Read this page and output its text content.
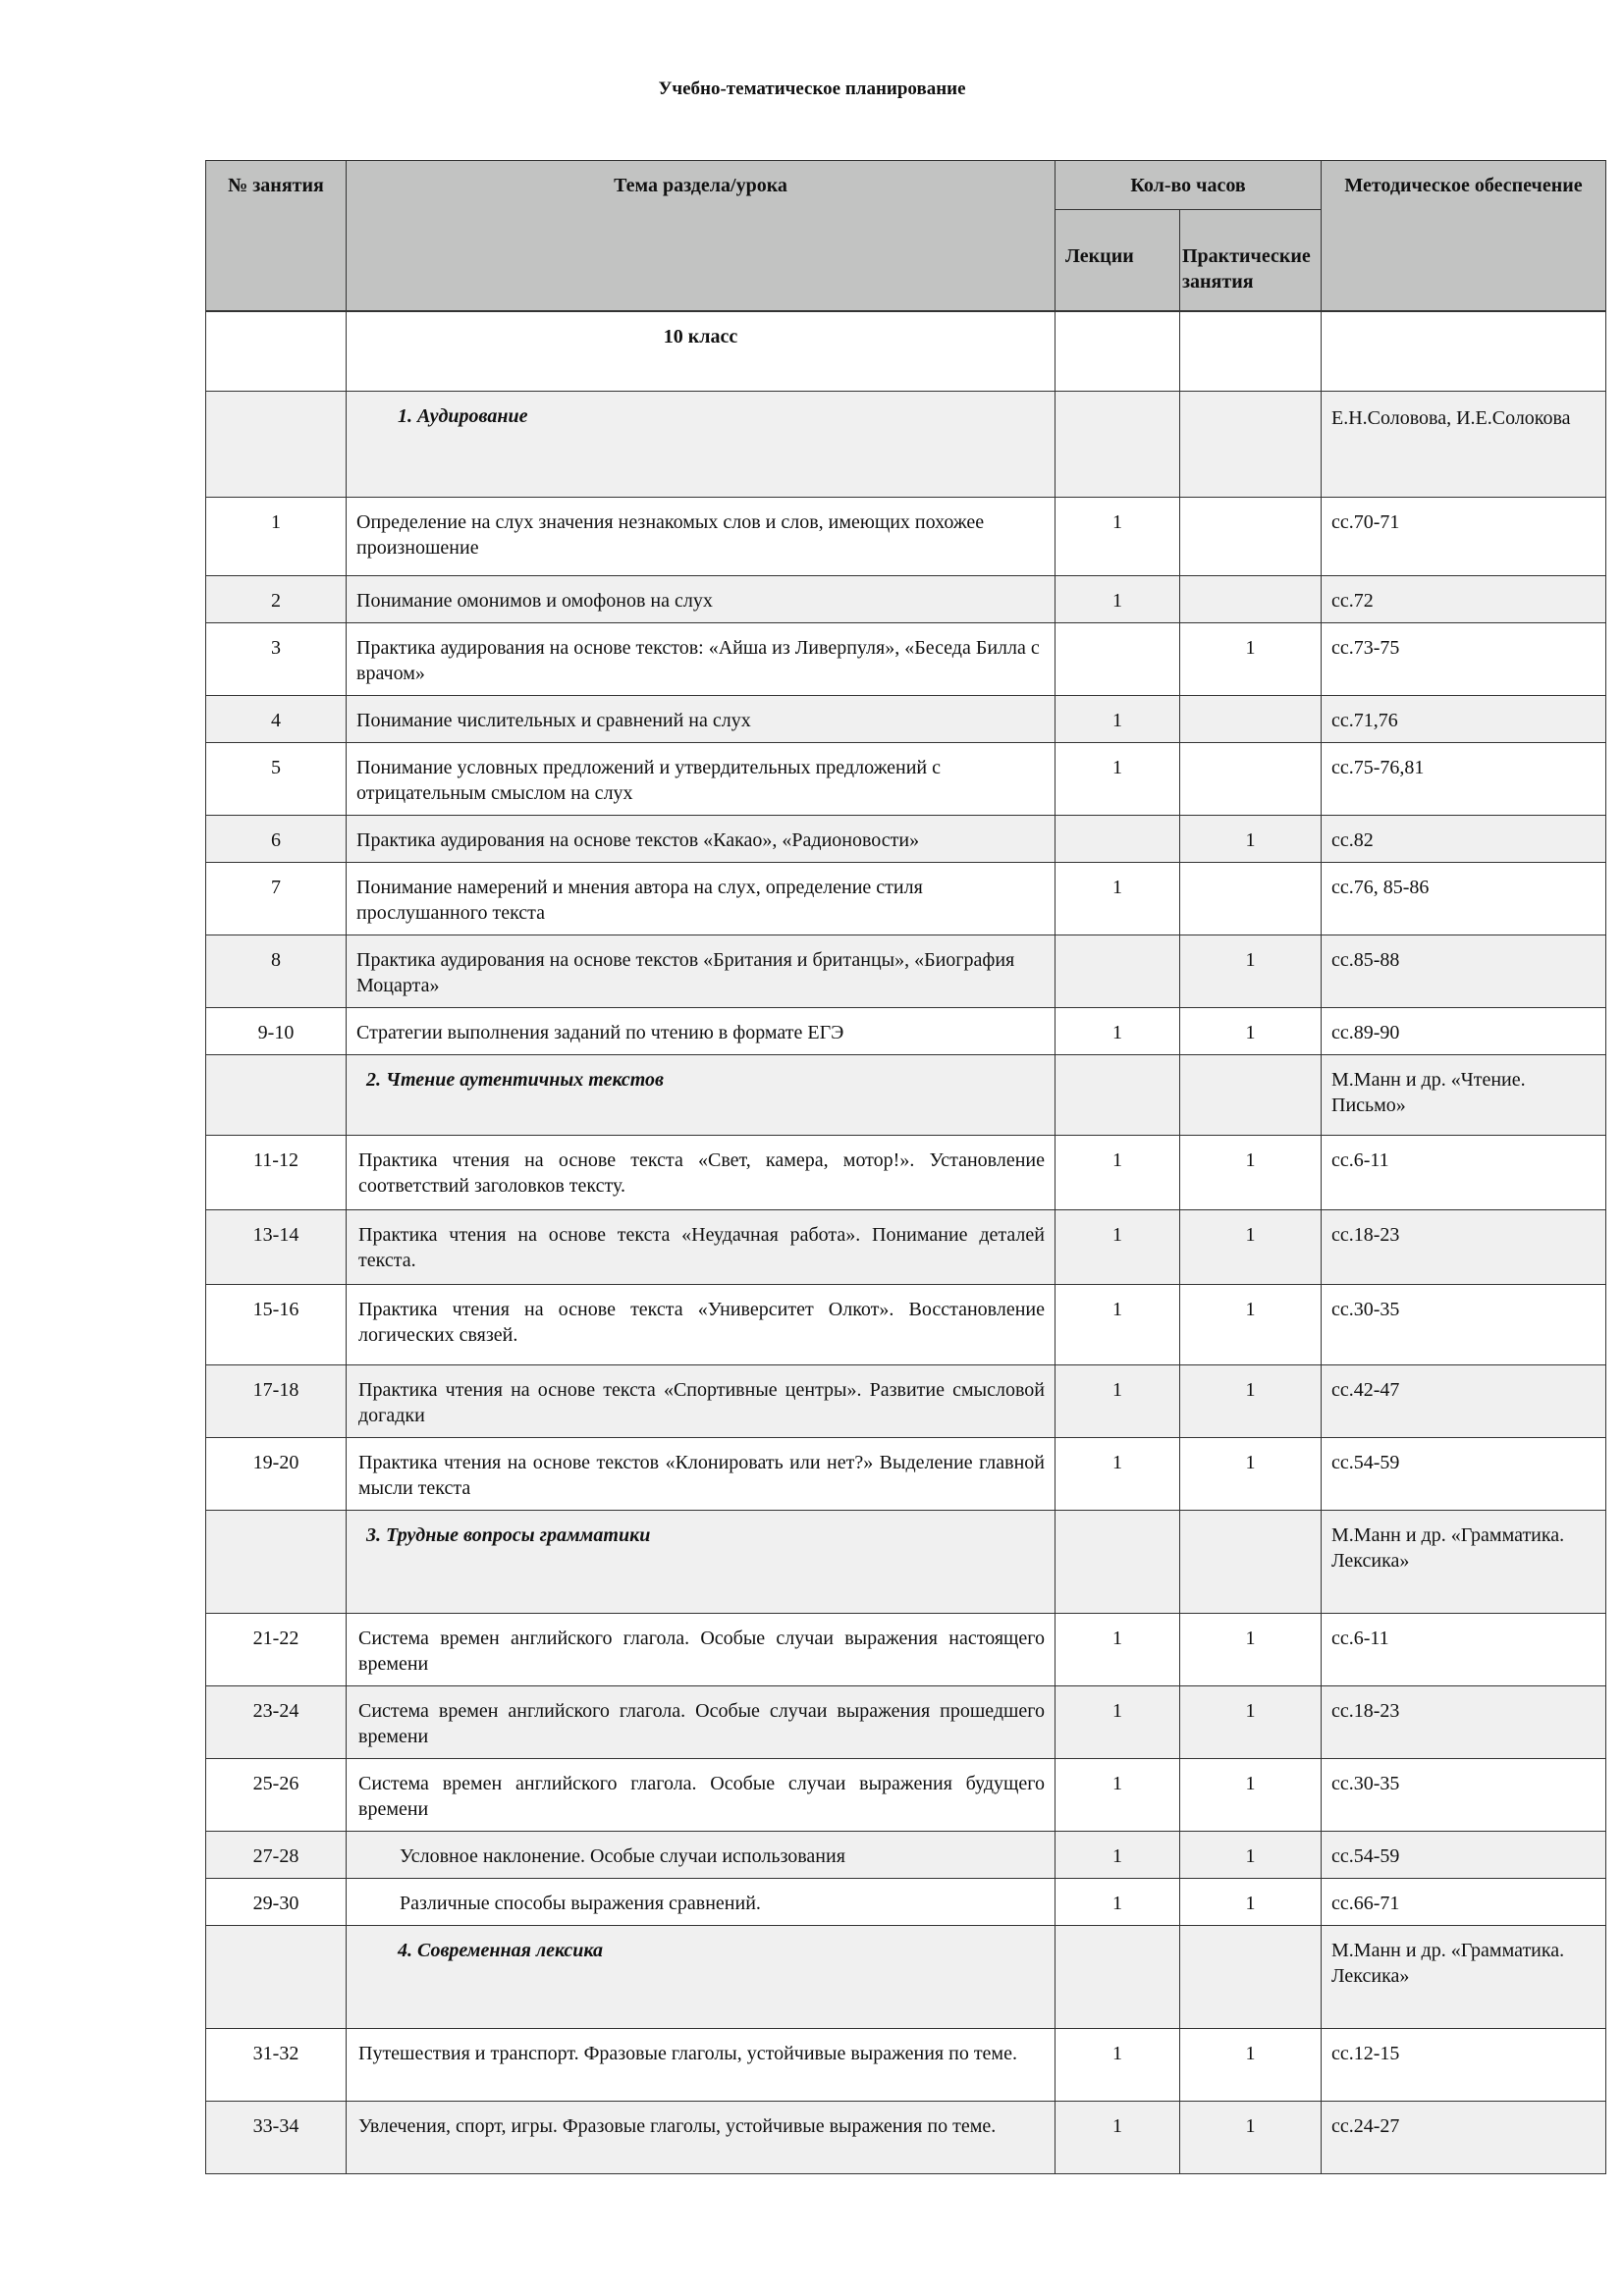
Учебно-тематическое планирование
№ занятия	Тема раздела/урока	Кол-во часов		Методическое обеспечение
		Лекции	Практические занятия	
	10 класс			
	1. Аудирование			Е.Н.Соловова, И.Е.Солокова
1	Определение на слух значения незнакомых слов и слов, имеющих похожее произношение	1		сс.70-71
2	Понимание омонимов и омофонов на слух	1		сс.72
3	Практика аудирования на основе текстов: «Айша из Ливерпуля», «Беседа Билла с врачом»		1	сс.73-75
4	Понимание числительных и сравнений на слух	1		сс.71,76
5	Понимание условных предложений и утвердительных предложений с отрицательным смыслом на слух	1		сс.75-76,81
6	Практика аудирования на основе текстов «Какао», «Радионовости»		1	сс.82
7	Понимание намерений и мнения автора на слух, определение стиля прослушанного текста	1		сс.76, 85-86
8	Практика аудирования на основе текстов «Британия и британцы», «Биография Моцарта»		1	сс.85-88
9-10	Стратегии выполнения заданий по чтению в формате ЕГЭ	1	1	сс.89-90
	2. Чтение аутентичных текстов			М.Манн и др. «Чтение. Письмо»
11-12	Практика чтения на основе текста «Свет, камера, мотор!». Установление соответствий заголовков тексту.	1	1	сс.6-11
13-14	Практика чтения на основе текста «Неудачная работа». Понимание деталей текста.	1	1	сс.18-23
15-16	Практика чтения на основе текста «Университет Олкот». Восстановление логических связей.	1	1	сс.30-35
17-18	Практика чтения на основе текста «Спортивные центры». Развитие смысловой догадки	1	1	сс.42-47
19-20	Практика чтения на основе текстов «Клонировать или нет?» Выделение главной мысли текста	1	1	сс.54-59
	3. Трудные вопросы грамматики			М.Манн и др. «Грамматика. Лексика»
21-22	Система времен английского глагола. Особые случаи выражения настоящего времени	1	1	сс.6-11
23-24	Система времен английского глагола. Особые случаи выражения прошедшего времени	1	1	сс.18-23
25-26	Система времен английского глагола. Особые случаи выражения будущего времени	1	1	сс.30-35
27-28	Условное наклонение. Особые случаи использования	1	1	сс.54-59
29-30	Различные способы выражения сравнений.	1	1	сс.66-71
	4. Современная лексика			М.Манн и др. «Грамматика. Лексика»
31-32	Путешествия и транспорт. Фразовые глаголы, устойчивые выражения по теме.	1	1	сс.12-15
33-34	Увлечения, спорт, игры. Фразовые глаголы, устойчивые выражения по теме.	1	1	сс.24-27
